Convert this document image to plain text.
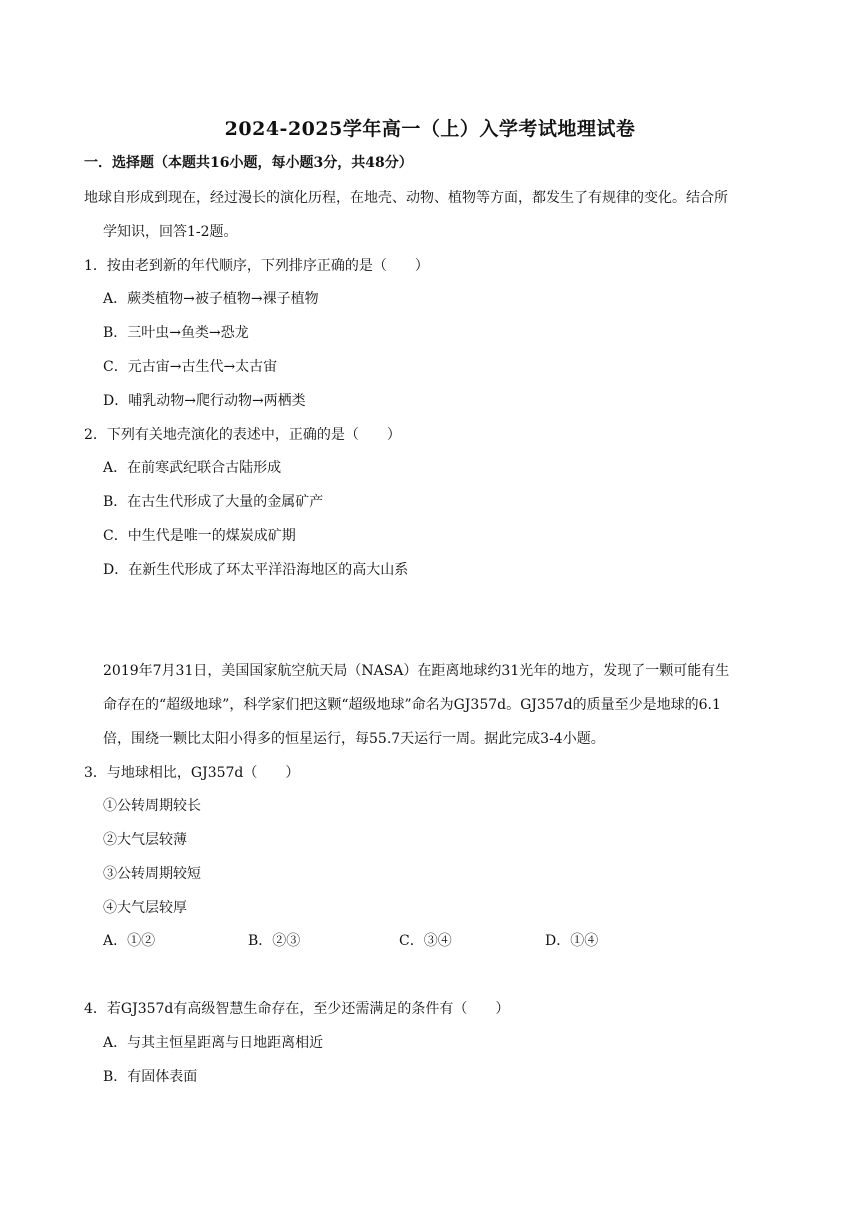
2024-2025学年高一（上）入学考试地理试卷
一．选择题（本题共16小题，每小题3分，共48分）
地球自形成到现在，经过漫长的演化历程，在地壳、动物、植物等方面，都发生了有规律的变化。结合所
学知识，回答1-2题。
1．按由老到新的年代顺序，下列排序正确的是（　　）
A．蕨类植物→被子植物→裸子植物
B．三叶虫→鱼类→恐龙
C．元古宙→古生代→太古宙
D．哺乳动物→爬行动物→两栖类
2．下列有关地壳演化的表述中，正确的是（　　）
A．在前寒武纪联合古陆形成
B．在古生代形成了大量的金属矿产
C．中生代是唯一的煤炭成矿期
D．在新生代形成了环太平洋沿海地区的高大山系
2019年7月31日，美国国家航空航天局（NASA）在距离地球约31光年的地方，发现了一颗可能有生
命存在的“超级地球”，科学家们把这颗“超级地球”命名为GJ357d。GJ357d的质量至少是地球的6.1
倍，围绕一颗比太阳小得多的恒星运行，每55.7天运行一周。据此完成3-4小题。
3．与地球相比，GJ357d（　　）
①公转周期较长
②大气层较薄
③公转周期较短
④大气层较厚
A．①②	B．②③	C．③④	D．①④
4．若GJ357d有高级智慧生命存在，至少还需满足的条件有（　　）
A．与其主恒星距离与日地距离相近
B．有固体表面
